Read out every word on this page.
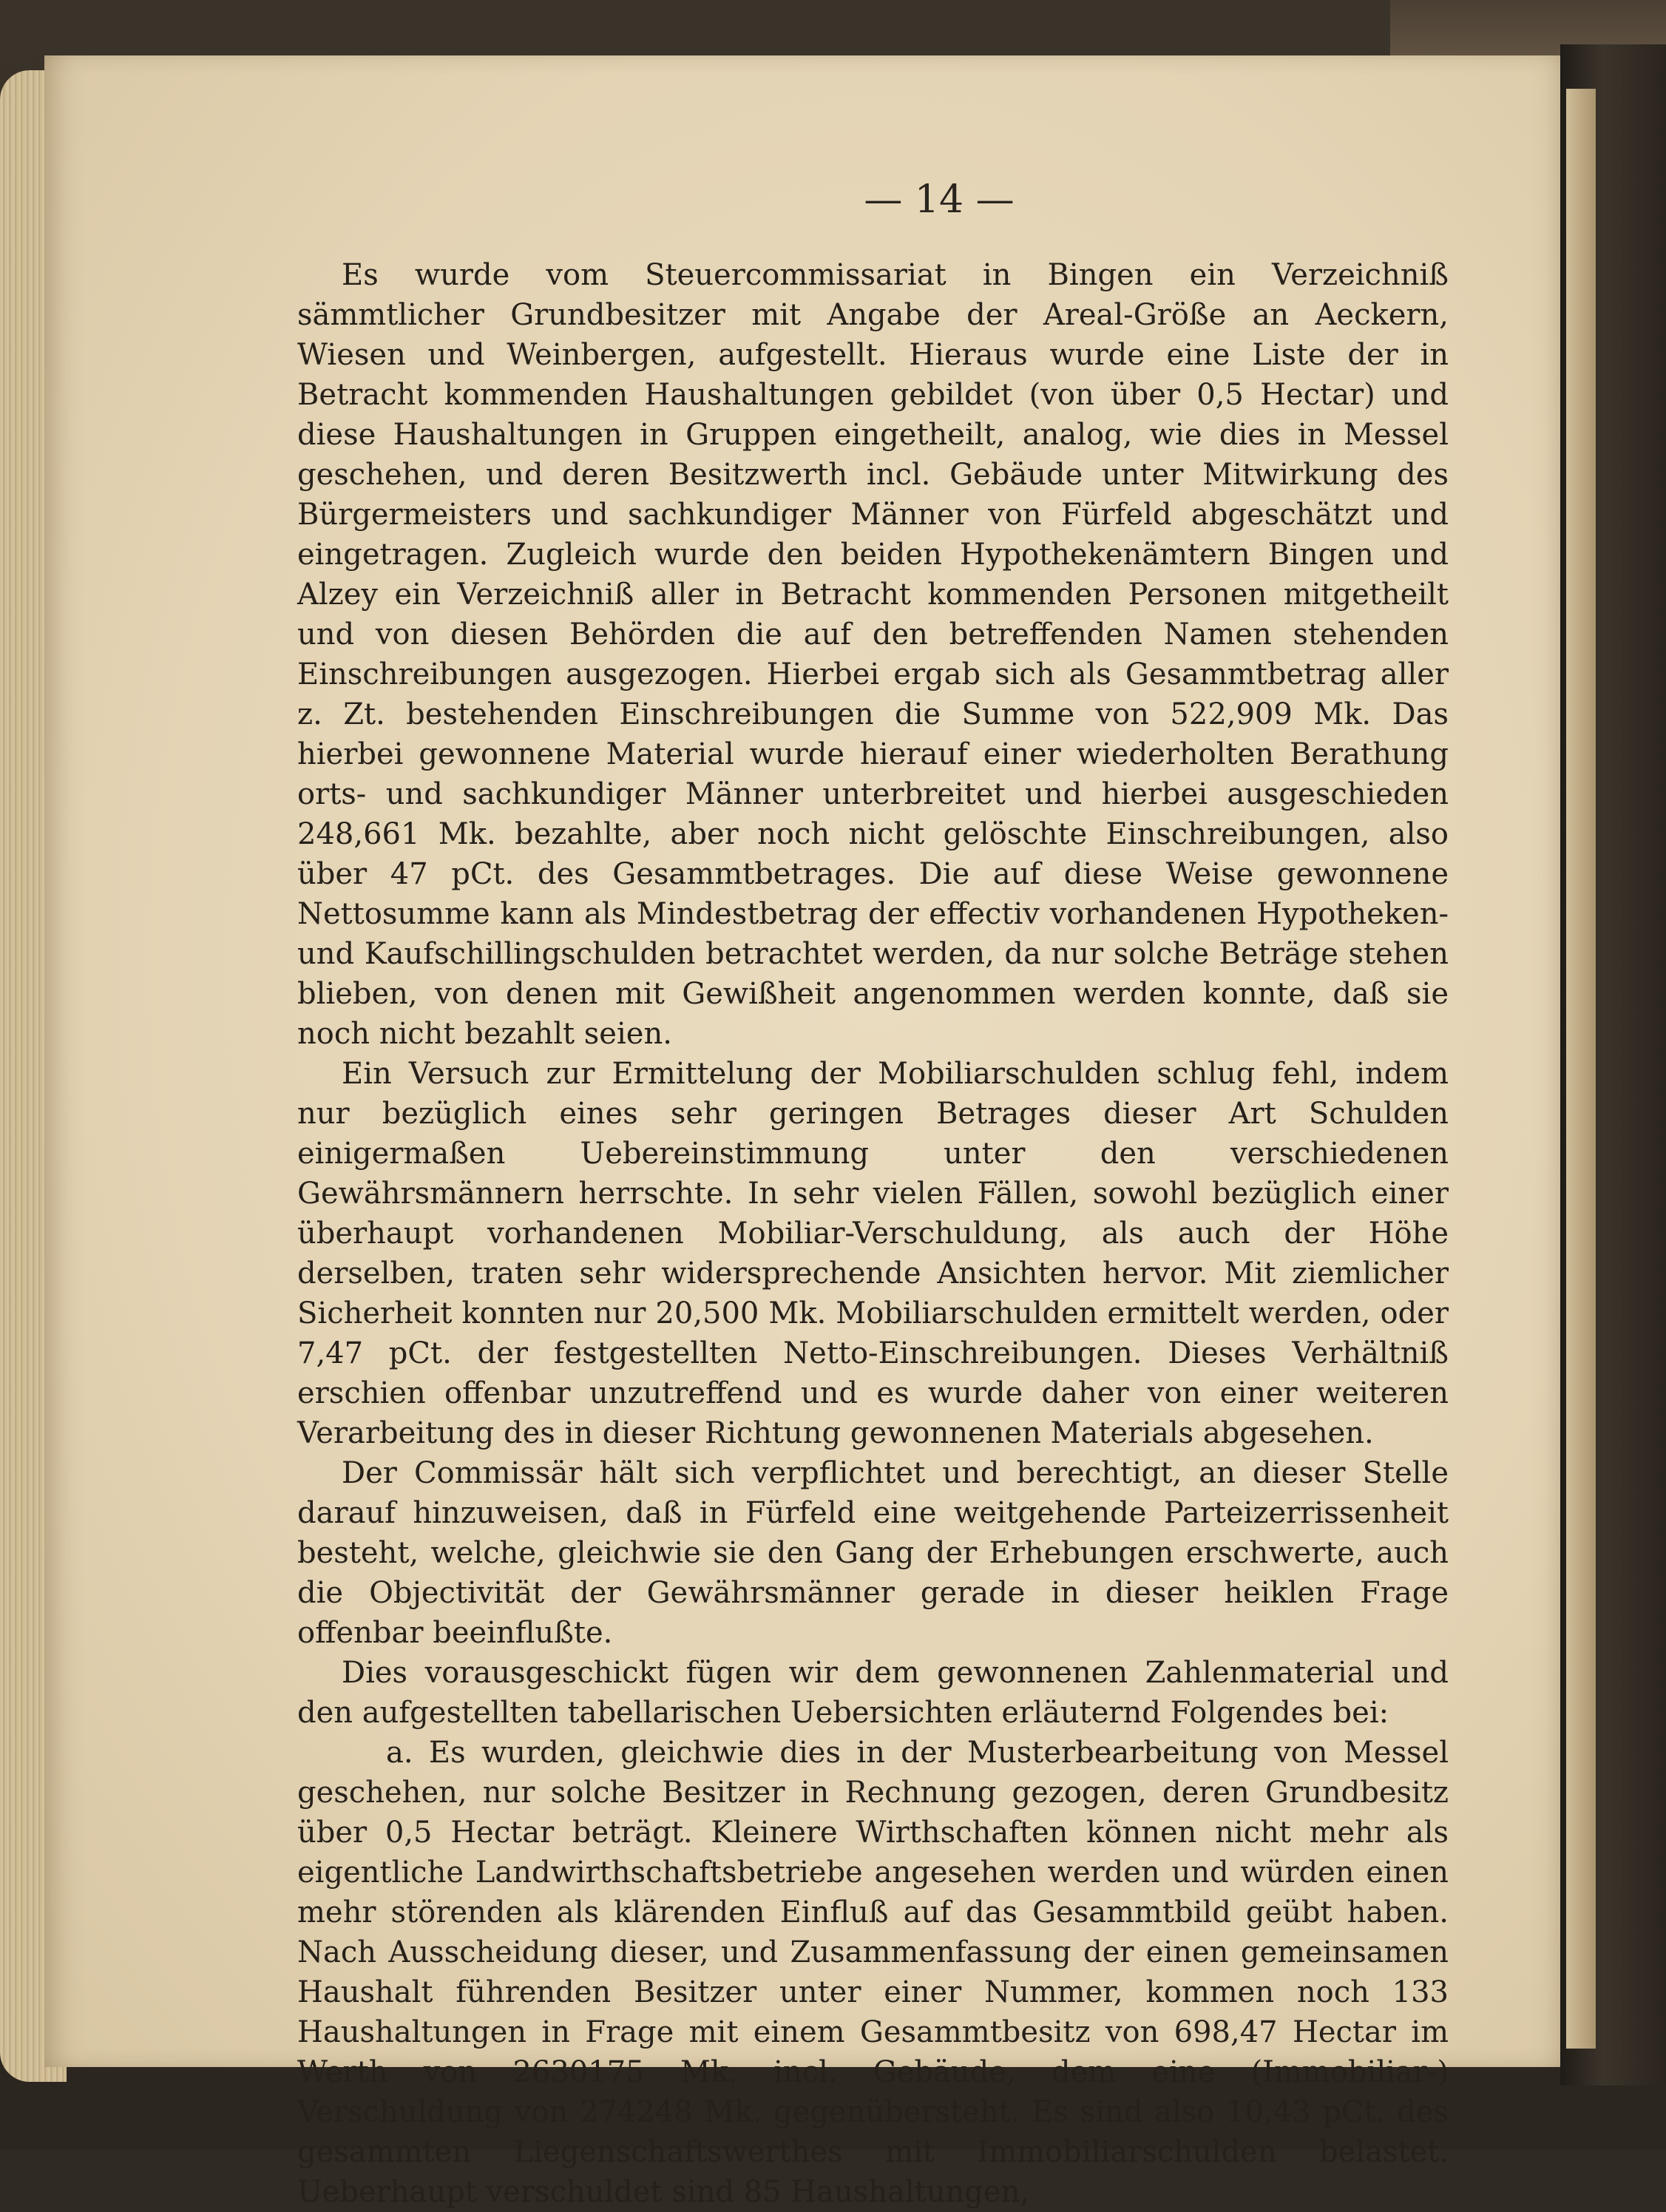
— 14 —

Es wurde vom Steuercommissariat in Bingen ein Verzeichniß sämmtlicher Grundbesitzer mit Angabe der Areal-Größe an Aeckern, Wiesen und Weinbergen, aufgestellt. Hieraus wurde eine Liste der in Betracht kommenden Haushaltungen gebildet (von über 0,5 Hectar) und diese Haushaltungen in Gruppen eingetheilt, analog, wie dies in Messel geschehen, und deren Besitzwerth incl. Gebäude unter Mitwirkung des Bürgermeisters und sachkundiger Männer von Fürfeld abgeschätzt und eingetragen. Zugleich wurde den beiden Hypothekenämtern Bingen und Alzey ein Verzeichniß aller in Betracht kommenden Personen mitgetheilt und von diesen Behörden die auf den betreffenden Namen stehenden Einschreibungen ausgezogen. Hierbei ergab sich als Gesammtbetrag aller z. Zt. bestehenden Einschreibungen die Summe von 522,909 Mk. Das hierbei gewonnene Material wurde hierauf einer wiederholten Berathung orts- und sachkundiger Männer unterbreitet und hierbei ausgeschieden 248,661 Mk. bezahlte, aber noch nicht gelöschte Einschreibungen, also über 47 pCt. des Gesammtbetrages. Die auf diese Weise gewonnene Nettosumme kann als Mindestbetrag der effectiv vorhandenen Hypotheken- und Kaufschillingschulden betrachtet werden, da nur solche Beträge stehen blieben, von denen mit Gewißheit angenommen werden konnte, daß sie noch nicht bezahlt seien.

Ein Versuch zur Ermittelung der Mobiliarschulden schlug fehl, indem nur bezüglich eines sehr geringen Betrages dieser Art Schulden einigermaßen Uebereinstimmung unter den verschiedenen Gewährsmännern herrschte. In sehr vielen Fällen, sowohl bezüglich einer überhaupt vorhandenen Mobiliar-Verschuldung, als auch der Höhe derselben, traten sehr widersprechende Ansichten hervor. Mit ziemlicher Sicherheit konnten nur 20,500 Mk. Mobiliarschulden ermittelt werden, oder 7,47 pCt. der festgestellten Netto-Einschreibungen. Dieses Verhältniß erschien offenbar unzutreffend und es wurde daher von einer weiteren Verarbeitung des in dieser Richtung gewonnenen Materials abgesehen.

Der Commissär hält sich verpflichtet und berechtigt, an dieser Stelle darauf hinzuweisen, daß in Fürfeld eine weitgehende Parteizerrissenheit besteht, welche, gleichwie sie den Gang der Erhebungen erschwerte, auch die Objectivität der Gewährsmänner gerade in dieser heiklen Frage offenbar beeinflußte.

Dies vorausgeschickt fügen wir dem gewonnenen Zahlenmaterial und den aufgestellten tabellarischen Uebersichten erläuternd Folgendes bei:

a. Es wurden, gleichwie dies in der Musterbearbeitung von Messel geschehen, nur solche Besitzer in Rechnung gezogen, deren Grundbesitz über 0,5 Hectar beträgt. Kleinere Wirthschaften können nicht mehr als eigentliche Landwirthschaftsbetriebe angesehen werden und würden einen mehr störenden als klärenden Einfluß auf das Gesammtbild geübt haben. Nach Ausscheidung dieser, und Zusammenfassung der einen gemeinsamen Haushalt führenden Besitzer unter einer Nummer, kommen noch 133 Haushaltungen in Frage mit einem Gesammtbesitz von 698,47 Hectar im Werth von 2630175 Mk. incl. Gebäude, dem eine (Immobiliar-) Verschuldung von 274248 Mk. gegenübersteht. Es sind also 10,43 pCt. des gesammten Liegenschaftswerthes mit Immobiliarschulden belastet. Ueberhaupt verschuldet sind 85 Haushaltungen,
